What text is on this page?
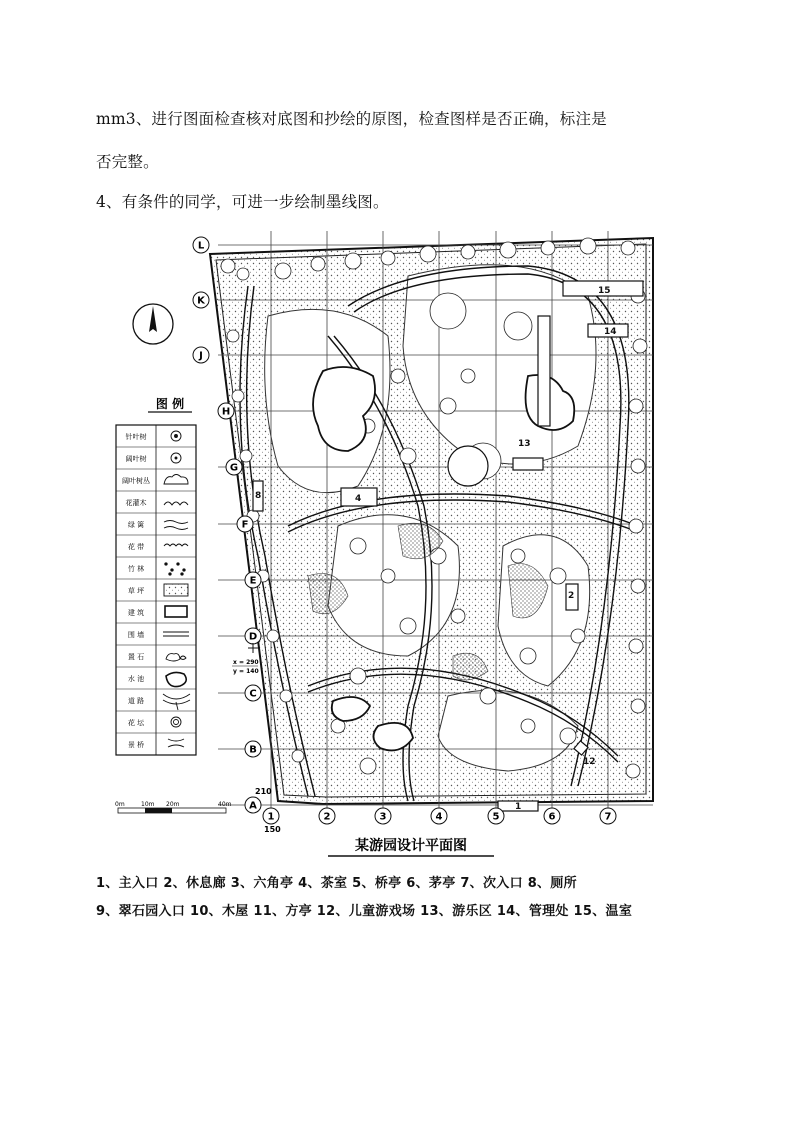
mm3、进行图面检查核对底图和抄绘的原图，检查图样是否正确，标注是
否完整。
4、有条件的同学，可进一步绘制墨线图。
15
14
13
4
8
2
12
1
L
K
J
H
G
F
E
D
C
B
A
1	2	3	4	5	6	7
210
150
图 例
针叶树
阔叶树
阔叶树丛
花灌木
绿 篱
花 带
竹 林
草 坪
建 筑
围 墙
置 石
水 池
道 路
花 坛
景 桥
x = 290
y = 140
0m	10m 20m	40m
某游园设计平面图
1、主入口 2、休息廊 3、六角亭 4、茶室 5、桥亭 6、茅亭 7、次入口 8、厕所
9、翠石园入口 10、木屋 11、方亭 12、儿童游戏场 13、游乐区 14、管理处 15、温室
